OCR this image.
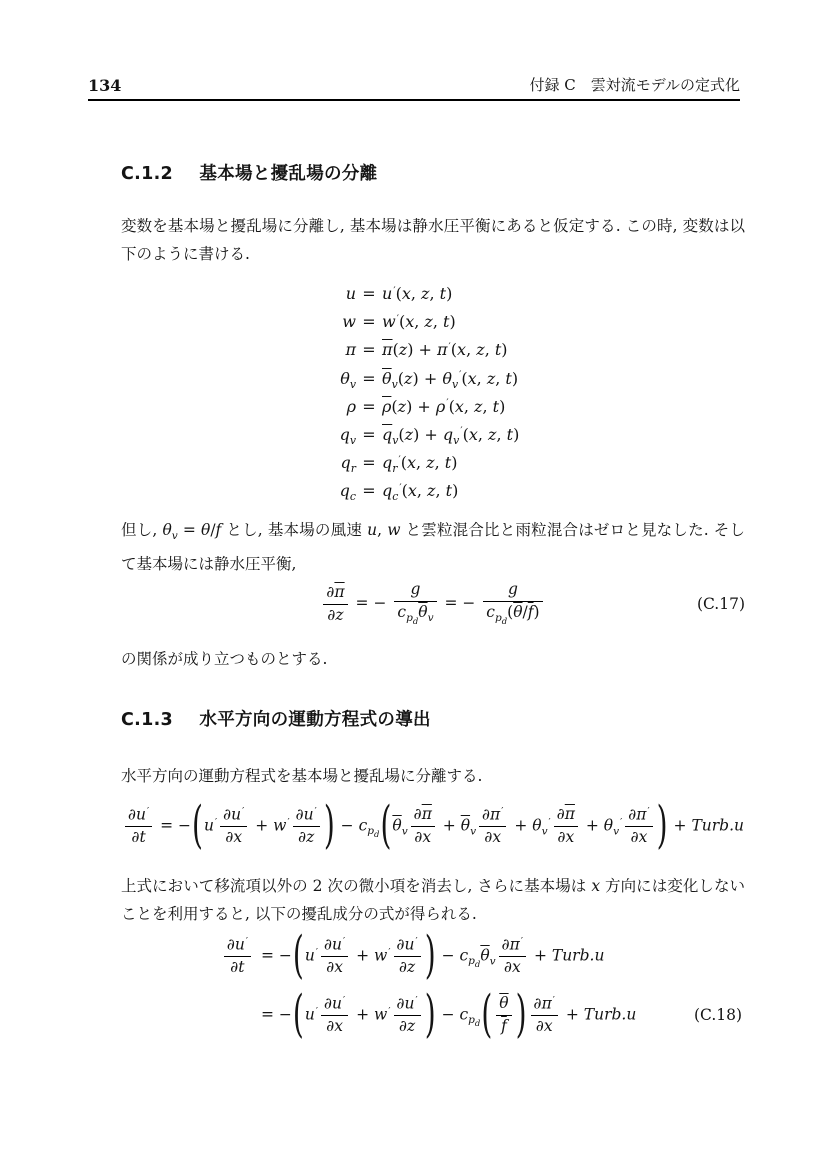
134	付録 C　雲対流モデルの定式化
C.1.2 基本場と擾乱場の分離

変数を基本場と擾乱場に分離し, 基本場は静水圧平衡にあると仮定する. この時, 変数は以下のように書ける.

u = u′(x, z, t)
w = w′(x, z, t)
$\pi = \overline{\pi}(z) + \pi'(x$, z, t)
$\theta_v = \overline{\theta}_v(z) + \theta_v'(x$, z, t)
$\rho = \overline{\rho}(z) + \rho'(x$, z, t)
$q_v = \overline{q}_v(z) + q_v'(x$, z, t)
$q_r = q_r'(x$, z, t)
$q_c = q_c'(x$, z, t)

但し, $\theta_v = \theta/f$ とし, 基本場の風速 u, w と雲粒混合比と雨粒混合はゼロと見なした. そして基本場には静水圧平衡,

$\frac{\partial\overline{\pi}}{\partial z}$ = − $\frac{g}{c_{p_d}\overline{\theta}_v}$ = − $\frac{g}{c_{p_d}(\overline{\theta}/\overline{f})}$	(C.17)

の関係が成り立つものとする.

C.1.3 水平方向の運動方程式の導出

水平方向の運動方程式を基本場と擾乱場に分離する.

$\frac{\partial u'}{\partial t} = -(u' \frac{\partial u'}{\partial x} + w' \frac{\partial u'}{\partial z}$ ) − $c_{p_d}(\overline{\theta}_v \frac{\partial\overline{\pi}}{\partial x} + \overline{\theta}_v \frac{\partial\pi'}{\partial x} + \theta_v' \frac{\partial\overline{\pi}}{\partial x} + \theta_v' \frac{\partial\pi'}{\partial x}$ ) + Turb.u

上式において移流項以外の 2 次の微小項を消去し, さらに基本場は x 方向には変化しないことを利用すると, 以下の擾乱成分の式が得られる.

$\frac{\partial u'}{\partial t} = -(u' \frac{\partial u'}{\partial x} + w' \frac{\partial u'}{\partial z}$ ) − $c_{p_d}\overline{\theta}_v \frac{\partial\pi'}{\partial x}$ + Turb.u
= $-(u' \frac{\partial u'}{\partial x} + w' \frac{\partial u'}{\partial z}$ ) − $c_{p_d}( \frac{\overline{\theta}}{f}$ ) $\frac{\partial\pi'}{\partial x}$ + Turb.u	(C.18)
